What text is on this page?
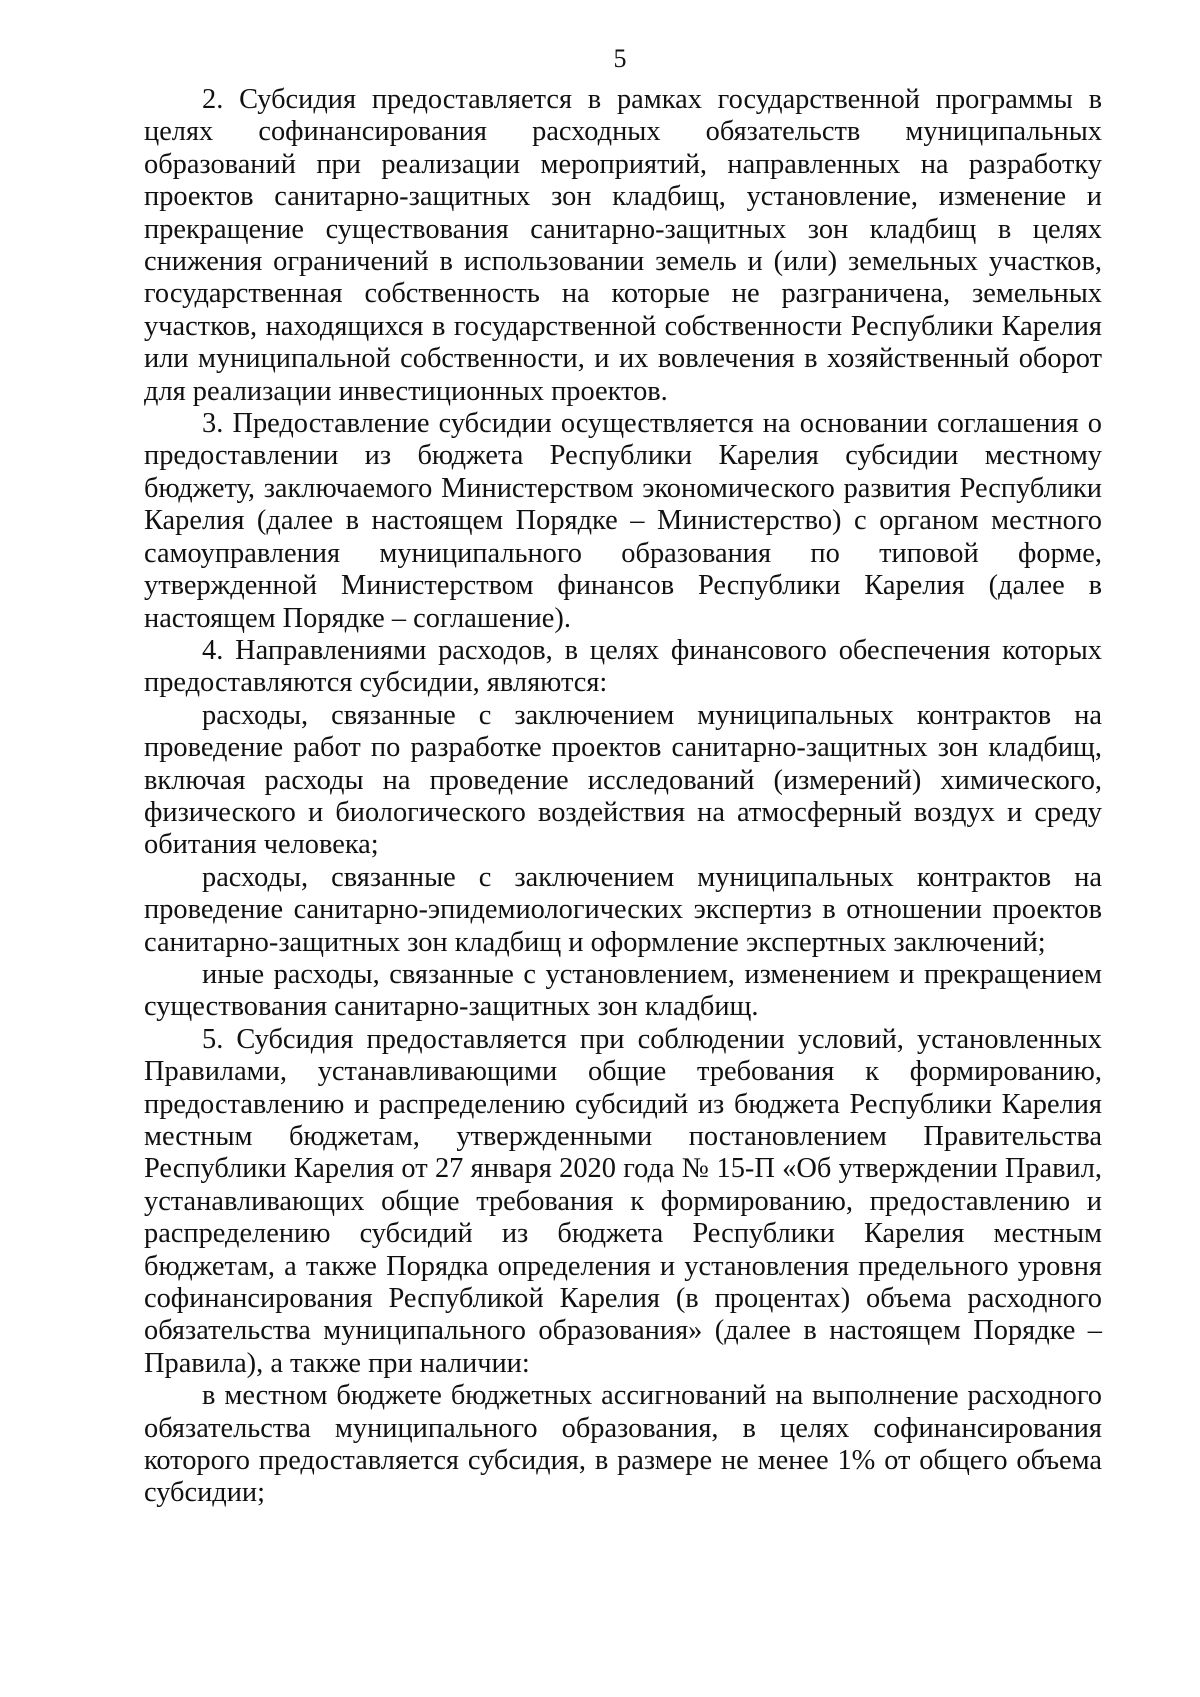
5

2. Субсидия предоставляется в рамках государственной программы в целях софинансирования расходных обязательств муниципальных образований при реализации мероприятий, направленных на разработку проектов санитарно-защитных зон кладбищ, установление, изменение и прекращение существования санитарно-защитных зон кладбищ в целях снижения ограничений в использовании земель и (или) земельных участков, государственная собственность на которые не разграничена, земельных участков, находящихся в государственной собственности Республики Карелия или муниципальной собственности, и их вовлечения в хозяйственный оборот для реализации инвестиционных проектов.

3. Предоставление субсидии осуществляется на основании соглашения о предоставлении из бюджета Республики Карелия субсидии местному бюджету, заключаемого Министерством экономического развития Республики Карелия (далее в настоящем Порядке – Министерство) с органом местного самоуправления муниципального образования по типовой форме, утвержденной Министерством финансов Республики Карелия (далее в настоящем Порядке – соглашение).

4. Направлениями расходов, в целях финансового обеспечения которых предоставляются субсидии, являются:

расходы, связанные с заключением муниципальных контрактов на проведение работ по разработке проектов санитарно-защитных зон кладбищ, включая расходы на проведение исследований (измерений) химического, физического и биологического воздействия на атмосферный воздух и среду обитания человека;

расходы, связанные с заключением муниципальных контрактов на проведение санитарно-эпидемиологических экспертиз в отношении проектов санитарно-защитных зон кладбищ и оформление экспертных заключений;

иные расходы, связанные с установлением, изменением и прекращением существования санитарно-защитных зон кладбищ.

5. Субсидия предоставляется при соблюдении условий, установленных Правилами, устанавливающими общие требования к формированию, предоставлению и распределению субсидий из бюджета Республики Карелия местным бюджетам, утвержденными постановлением Правительства Республики Карелия от 27 января 2020 года № 15-П «Об утверждении Правил, устанавливающих общие требования к формированию, предоставлению и распределению субсидий из бюджета Республики Карелия местным бюджетам, а также Порядка определения и установления предельного уровня софинансирования Республикой Карелия (в процентах) объема расходного обязательства муниципального образования» (далее в настоящем Порядке – Правила), а также при наличии:

в местном бюджете бюджетных ассигнований на выполнение расходного обязательства муниципального образования, в целях софинансирования которого предоставляется субсидия, в размере не менее 1% от общего объема субсидии;
